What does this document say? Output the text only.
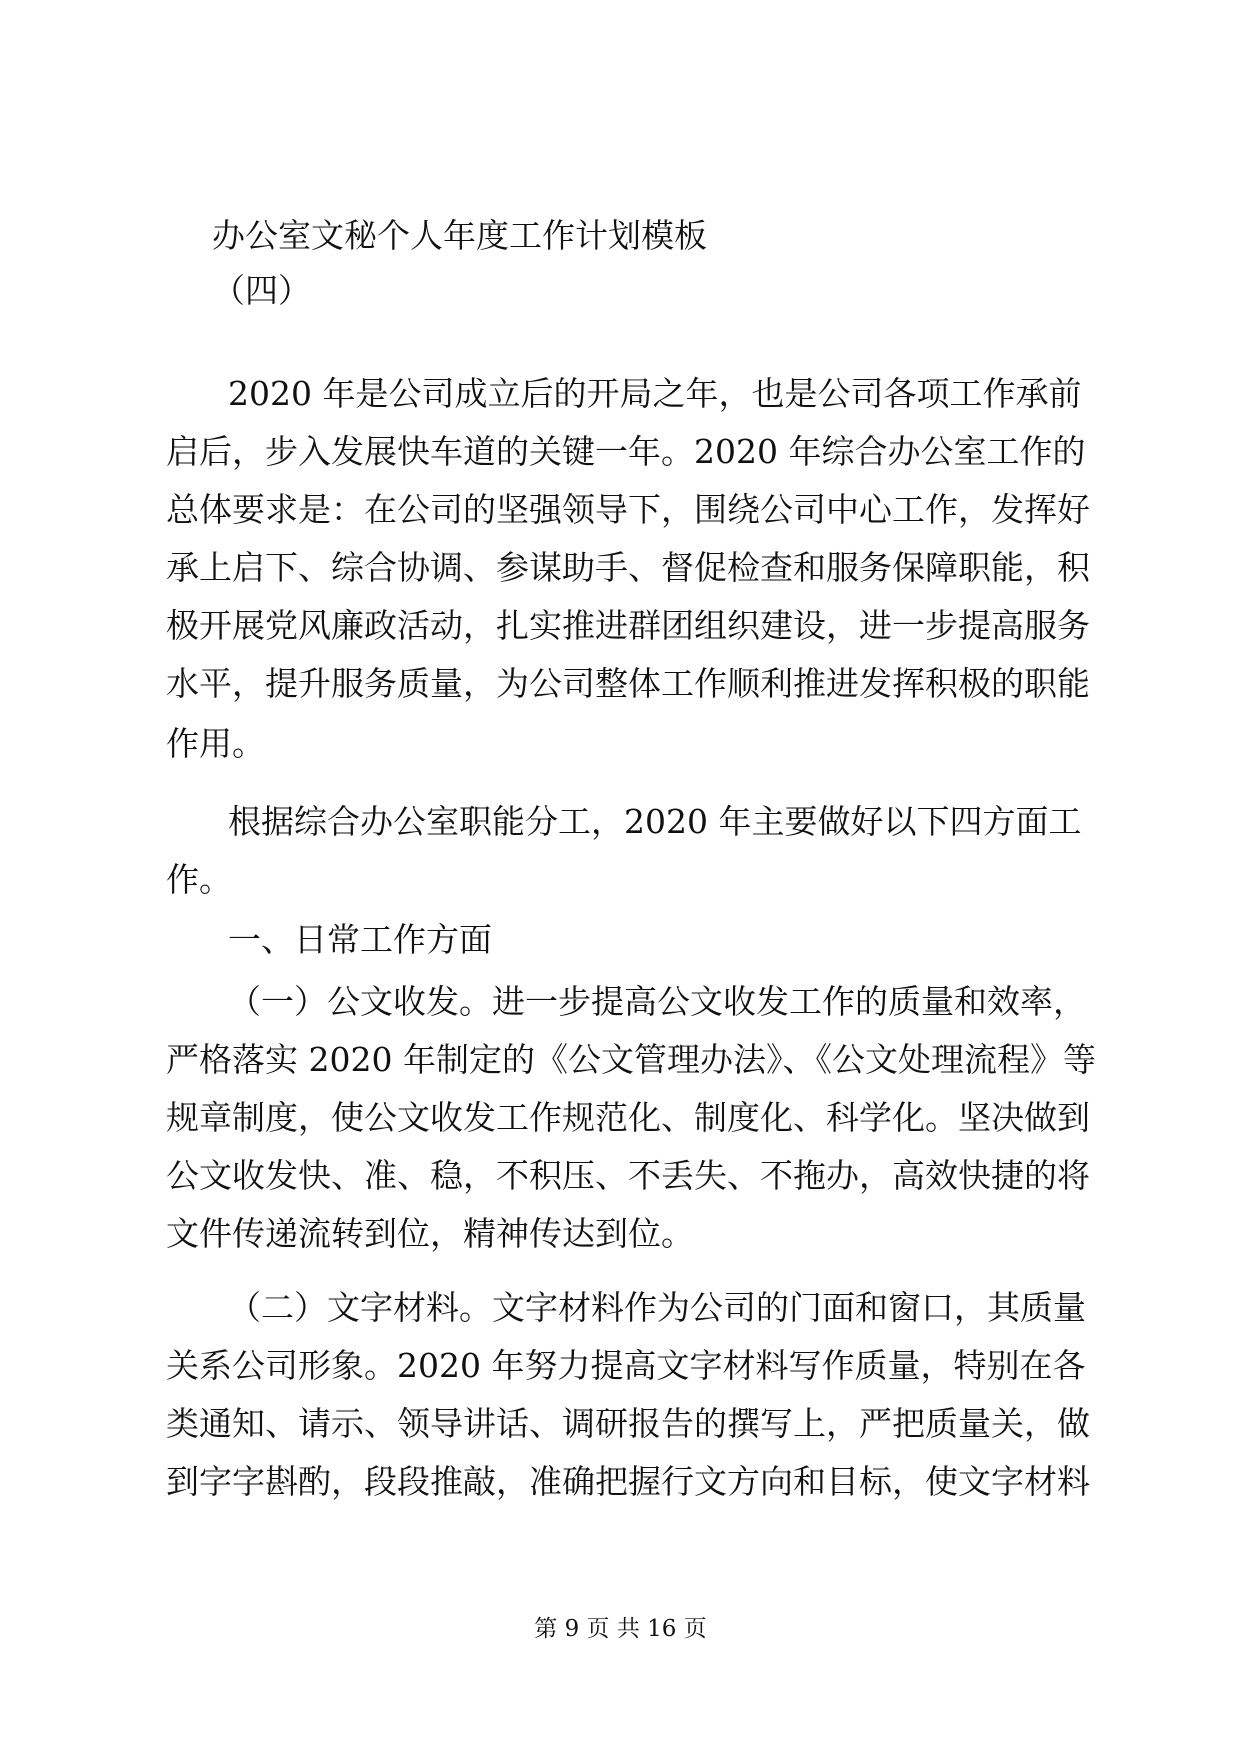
办公室文秘个人年度工作计划模板
（四）
2020 年是公司成立后的开局之年，也是公司各项工作承前
启后，步入发展快车道的关键一年。2020 年综合办公室工作的
总体要求是：在公司的坚强领导下，围绕公司中心工作，发挥好
承上启下、综合协调、参谋助手、督促检查和服务保障职能，积
极开展党风廉政活动，扎实推进群团组织建设，进一步提高服务
水平，提升服务质量，为公司整体工作顺利推进发挥积极的职能
作用。
根据综合办公室职能分工，2020 年主要做好以下四方面工
作。
一、日常工作方面
（一）公文收发。进一步提高公文收发工作的质量和效率，
严格落实 2020 年制定的《公文管理办法》、《公文处理流程》等
规章制度，使公文收发工作规范化、制度化、科学化。坚决做到
公文收发快、准、稳，不积压、不丢失、不拖办，高效快捷的将
文件传递流转到位，精神传达到位。
（二）文字材料。文字材料作为公司的门面和窗口，其质量
关系公司形象。2020 年努力提高文字材料写作质量，特别在各
类通知、请示、领导讲话、调研报告的撰写上，严把质量关，做
到字字斟酌，段段推敲，准确把握行文方向和目标，使文字材料
第 9 页 共 16 页
